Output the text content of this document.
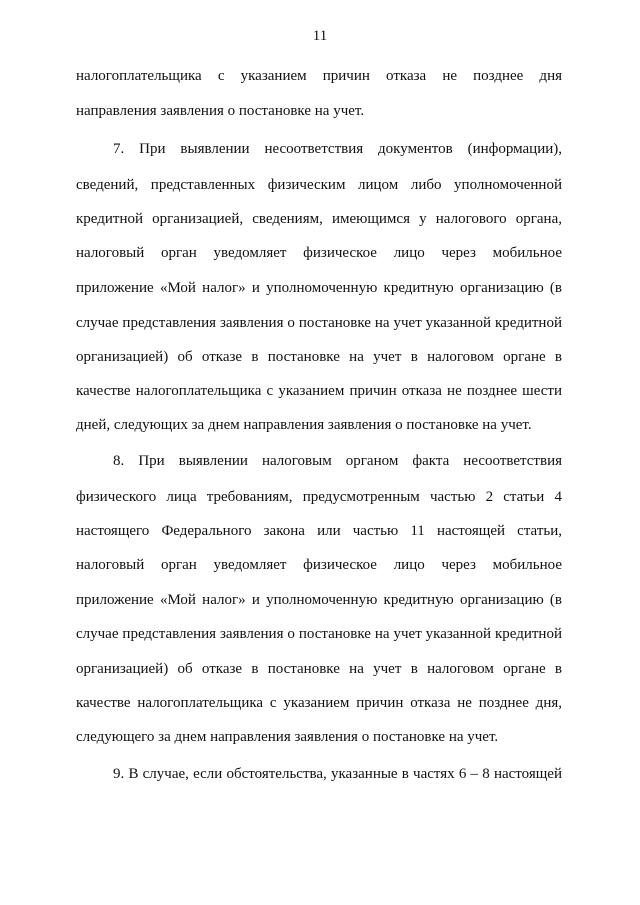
11
налогоплательщика с указанием причин отказа не позднее дня
направления заявления о постановке на учет.
7. При выявлении несоответствия документов (информации),
сведений, представленных физическим лицом либо уполномоченной
кредитной организацией, сведениям, имеющимся у налогового органа,
налоговый орган уведомляет физическое лицо через мобильное
приложение «Мой налог» и уполномоченную кредитную организацию (в
случае представления заявления о постановке на учет указанной кредитной
организацией) об отказе в постановке на учет в налоговом органе в
качестве налогоплательщика с указанием причин отказа не позднее шести
дней, следующих за днем направления заявления о постановке на учет.
8. При выявлении налоговым органом факта несоответствия
физического лица требованиям, предусмотренным частью 2 статьи 4
настоящего Федерального закона или частью 11 настоящей статьи,
налоговый орган уведомляет физическое лицо через мобильное
приложение «Мой налог» и уполномоченную кредитную организацию (в
случае представления заявления о постановке на учет указанной кредитной
организацией) об отказе в постановке на учет в налоговом органе в
качестве налогоплательщика с указанием причин отказа не позднее дня,
следующего за днем направления заявления о постановке на учет.
9. В случае, если обстоятельства, указанные в частях 6 – 8 настоящей
